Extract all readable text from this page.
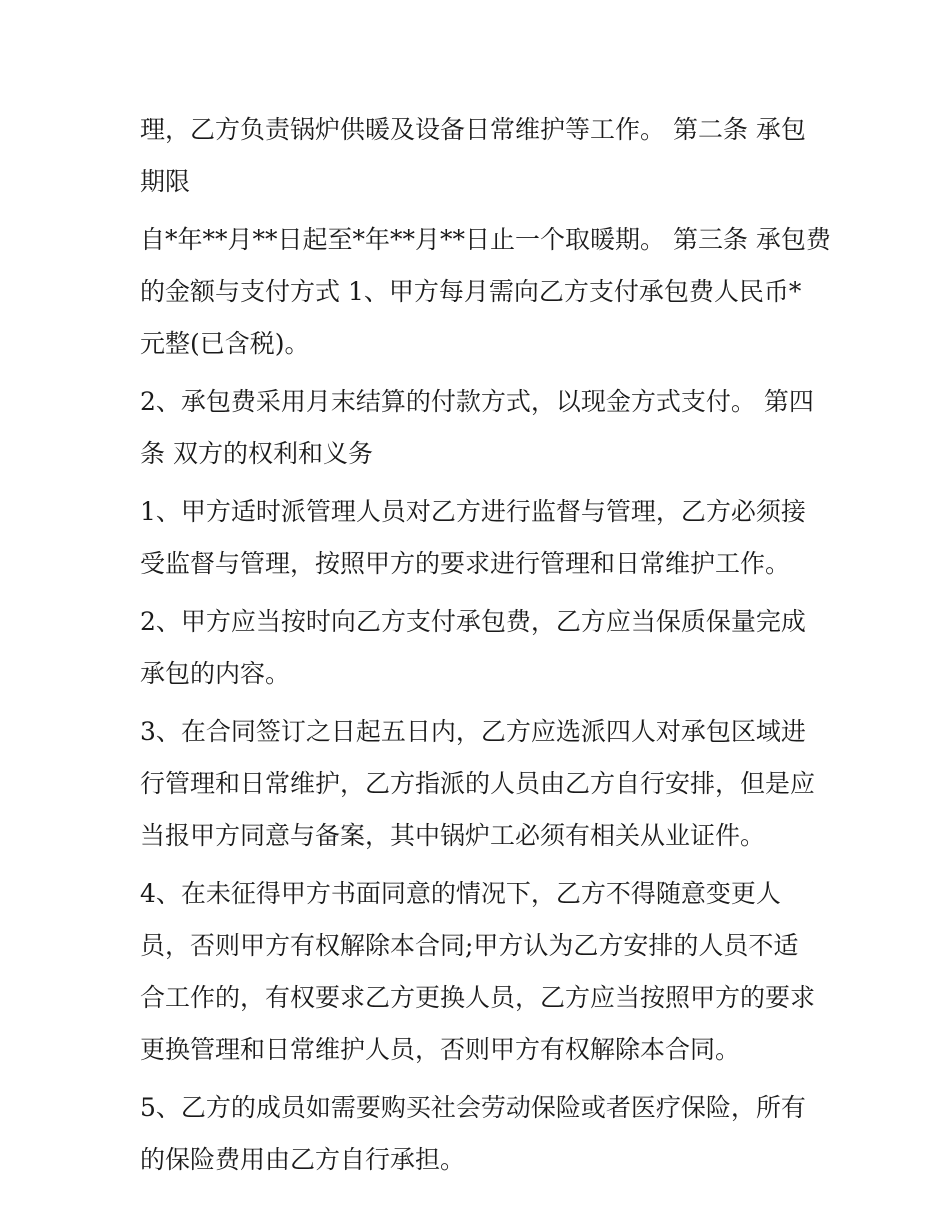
理，乙方负责锅炉供暖及设备日常维护等工作。 第二条 承包
期限
自*年**月**日起至*年**月**日止一个取暖期。 第三条 承包费
的金额与支付方式 1、甲方每月需向乙方支付承包费人民币*
元整(已含税)。
2、承包费采用月末结算的付款方式，以现金方式支付。 第四
条 双方的权利和义务
1、甲方适时派管理人员对乙方进行监督与管理，乙方必须接
受监督与管理，按照甲方的要求进行管理和日常维护工作。
2、甲方应当按时向乙方支付承包费，乙方应当保质保量完成
承包的内容。
3、在合同签订之日起五日内，乙方应选派四人对承包区域进
行管理和日常维护，乙方指派的人员由乙方自行安排，但是应
当报甲方同意与备案，其中锅炉工必须有相关从业证件。
4、在未征得甲方书面同意的情况下，乙方不得随意变更人
员，否则甲方有权解除本合同;甲方认为乙方安排的人员不适
合工作的，有权要求乙方更换人员，乙方应当按照甲方的要求
更换管理和日常维护人员，否则甲方有权解除本合同。
5、乙方的成员如需要购买社会劳动保险或者医疗保险，所有
的保险费用由乙方自行承担。
